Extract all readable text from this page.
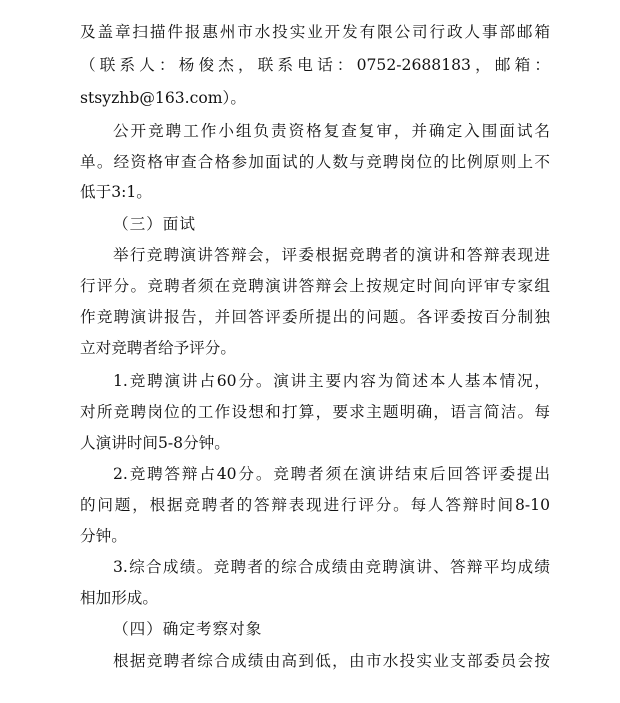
及盖章扫描件报惠州市水投实业开发有限公司行政人事部邮箱
（联系人：杨俊杰，联系电话：0752-2688183，邮箱：
stsyzhb@163.com）。
公开竞聘工作小组负责资格复查复审，并确定入围面试名
单。经资格审查合格参加面试的人数与竞聘岗位的比例原则上不
低于3:1。
（三）面试
举行竞聘演讲答辩会，评委根据竞聘者的演讲和答辩表现进
行评分。竞聘者须在竞聘演讲答辩会上按规定时间向评审专家组
作竞聘演讲报告，并回答评委所提出的问题。各评委按百分制独
立对竞聘者给予评分。
1.竞聘演讲占60分。演讲主要内容为简述本人基本情况，
对所竞聘岗位的工作设想和打算，要求主题明确，语言简洁。每
人演讲时间5-8分钟。
2.竞聘答辩占40分。竞聘者须在演讲结束后回答评委提出
的问题，根据竞聘者的答辩表现进行评分。每人答辩时间8-10
分钟。
3.综合成绩。竞聘者的综合成绩由竞聘演讲、答辩平均成绩
相加形成。
（四）确定考察对象
根据竞聘者综合成绩由高到低，由市水投实业支部委员会按
